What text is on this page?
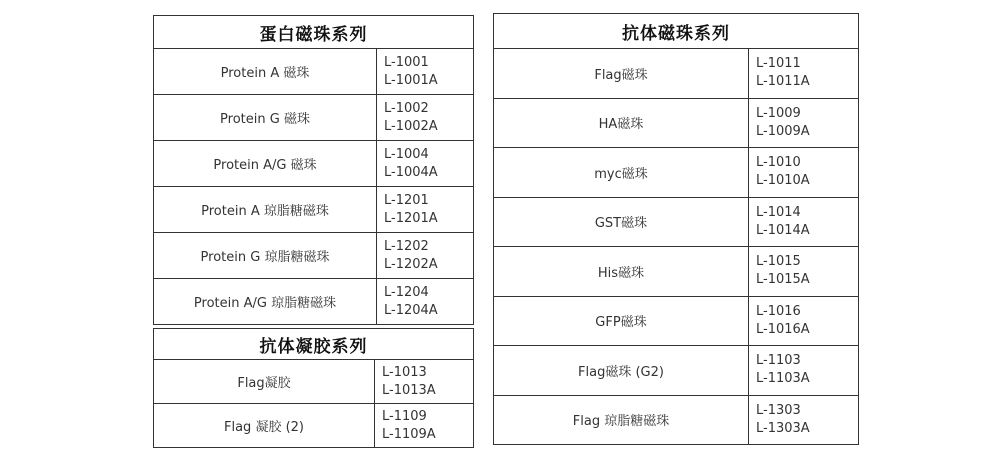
蛋白磁珠系列	
Protein A 磁珠	L-1001
L-1001A

Protein G 磁珠	L-1002
L-1002A

Protein A/G 磁珠	L-1004
L-1004A

Protein A 琼脂糖磁珠	L-1201
L-1201A

Protein G 琼脂糖磁珠	L-1202
L-1202A

Protein A/G 琼脂糖磁珠	L-1204
L-1204A
抗体凝胶系列	
Flag凝胶	L-1013
L-1013A

Flag 凝胶 (2)	L-1109
L-1109A
抗体磁珠系列	
Flag磁珠	L-1011
L-1011A

HA磁珠	L-1009
L-1009A

myc磁珠	L-1010
L-1010A

GST磁珠	L-1014
L-1014A

His磁珠	L-1015
L-1015A

GFP磁珠	L-1016
L-1016A

Flag磁珠 (G2)	L-1103
L-1103A

Flag 琼脂糖磁珠	L-1303
L-1303A
